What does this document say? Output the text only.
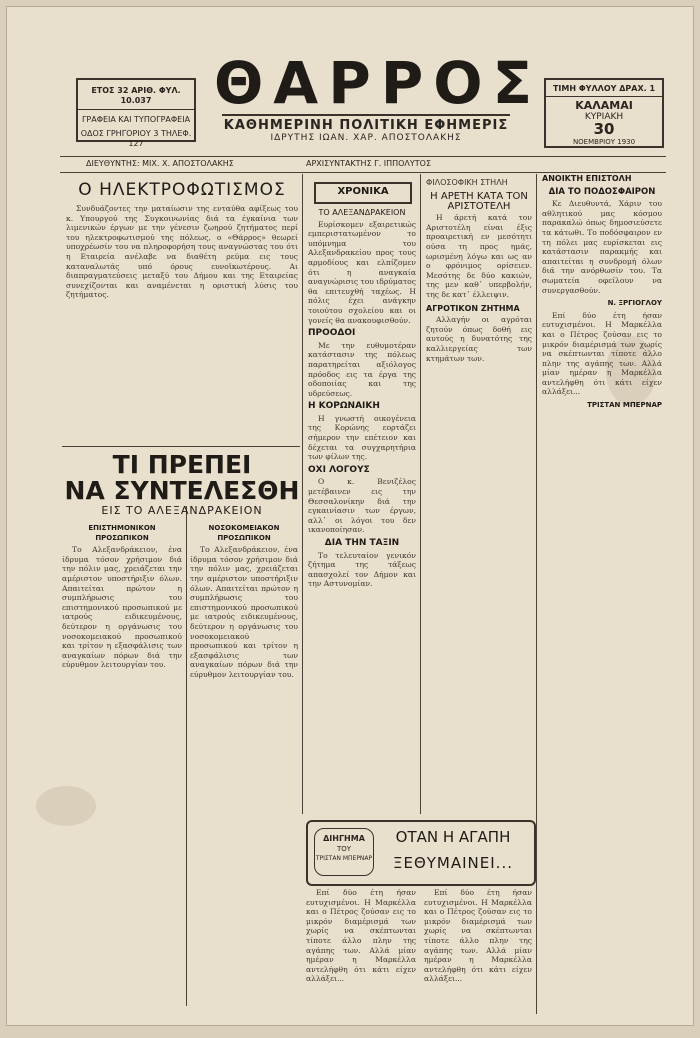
ΕΤΟΣ 32 ΑΡΙΘ. ΦΥΛ. 10.037
ΓΡΑΦΕΙΑ ΚΑΙ ΤΥΠΟΓΡΑΦΕΙΑ
ΟΔΟΣ ΓΡΗΓΟΡΙΟΥ 3 ΤΗΛΕΦ. 127
ΘΑΡΡΟΣ
ΚΑΘΗΜΕΡΙΝΗ ΠΟΛΙΤΙΚΗ ΕΦΗΜΕΡΙΣ
ΙΔΡΥΤΗΣ ΙΩΑΝ. ΧΑΡ. ΑΠΟΣΤΟΛΑΚΗΣ
ΤΙΜΗ ΦΥΛΛΟΥ ΔΡΑΧ. 1
ΚΑΛΑΜΑΙ
ΚΥΡΙΑΚΗ
30
ΝΟΕΜΒΡΙΟΥ 1930
ΔΙΕΥΘΥΝΤΗΣ: ΜΙΧ. Χ. ΑΠΟΣΤΟΛΑΚΗΣ	ΑΡΧΙΣΥΝΤΑΚΤΗΣ Γ. ΙΠΠΟΛΥΤΟΣ
Ο ΗΛΕΚΤΡΟΦΩΤΙΣΜΟΣ

Συνδυάζοντες την ματαίωσιν της ενταύθα αφίξεως του κ. Υπουργού της Συγκοινωνίας διά τα έγκαίνια των λιμενικών έργων με την γένεσιν ζωηρού ζητήματος περί του ηλεκτροφωτισμού της πόλεως, ο «Θάρρος» θεωρεί υποχρέωσίν του να πληροφορήση τους αναγνώστας του ότι η Εταιρεία ανέλαβε να διαθέτη ρεύμα εις τους καταναλωτάς υπό όρους ευνοϊκωτέρους. Αι διαπραγματεύσεις μεταξύ του Δήμου και της Εταιρείας συνεχίζονται και αναμένεται η οριστική λύσις του ζητήματος.

ΤΙ ΠΡΕΠΕΙ
ΝΑ ΣΥΝΤΕΛΕΣΘΗ
ΕΙΣ ΤΟ ΑΛΕΞΑΝΔΡΑΚΕΙΟΝ
ΕΠΙΣΤΗΜΟΝΙΚΟΝ ΠΡΟΣΩΠΙΚΟΝ

Το Αλεξανδράκειον, ένα ίδρυμα τόσον χρήσιμον διά την πόλιν μας, χρειάζεται την αμέριστον υποστήριξιν όλων. Απαιτείται πρώτον η συμπλήρωσις του επιστημονικού προσωπικού με ιατρούς ειδικευμένους, δεύτερον η οργάνωσις του νοσοκομειακού προσωπικού και τρίτον η εξασφάλισις των αναγκαίων πόρων διά την εύρυθμον λειτουργίαν του.

ΝΟΣΟΚΟΜΕΙΑΚΟΝ ΠΡΟΣΩΠΙΚΟΝ

Το Αλεξανδράκειον, ένα ίδρυμα τόσον χρήσιμον διά την πόλιν μας, χρειάζεται την αμέριστον υποστήριξιν όλων. Απαιτείται πρώτον η συμπλήρωσις του επιστημονικού προσωπικού με ιατρούς ειδικευμένους, δεύτερον η οργάνωσις του νοσοκομειακού προσωπικού και τρίτον η εξασφάλισις των αναγκαίων πόρων διά την εύρυθμον λειτουργίαν του.

ΧΡΟΝΙΚΑ
ΤΟ ΑΛΕΞΑΝΔΡΑΚΕΙΟΝ

Ευρίσκομεν εξαιρετικώς εμπεριστατωμένον το υπόμνημα του Αλεξανδρακείου προς τους αρμοδίους και ελπίζομεν ότι η αναγκαία αναγνώρισις του ιδρύματος θα επιτευχθή ταχέως. Η πόλις έχει ανάγκην τοιούτου σχολείου και οι γονείς θα ανακουφισθούν.

ΠΡΟΟΔΟΙ

Με την ευθυμοτέραν κατάστασιν της πόλεως παρατηρείται αξιόλογος πρόοδος εις τα έργα της οδοποιίας και της υδρεύσεως.

Η ΚΟΡΩΝΑΙΚΗ

Η γνωστή οικογένεια της Κορώνης εορτάζει σήμερον την επέτειον και δέχεται τα συγχαρητήρια των φίλων της.

ΟΧΙ ΛΟΓΟΥΣ

Ο κ. Βενιζέλος μετέβαινεν εις την Θεσσαλονίκην διά την εγκαινίασιν των έργων, αλλ᾽ οι λόγοι του δεν ικανοποίησαν.

ΔΙΑ ΤΗΝ ΤΑΞΙΝ

Το τελευταίον γενικόν ζήτημα της τάξεως απασχολεί τον Δήμον και την Αστυνομίαν.

ΦΙΛΟΣΟΦΙΚΗ ΣΤΗΛΗ
Η ΑΡΕΤΗ ΚΑΤΑ ΤΟΝ ΑΡΙΣΤΟΤΕΛΗ

Η άρετή κατά τον Αριστοτέλη είναι έξις προαιρετική εν μεσότητι ούσα τη προς ημάς, ωρισμένη λόγω και ως αν ο φρόνιμος ορίσειεν. Μεσότης δε δύο κακιών, της μεν καθ᾽ υπερβολήν, της δε κατ᾽ έλλειψιν.

ΑΓΡΟΤΙΚΟΝ ΖΗΤΗΜΑ

Αλλαγήν οι αγρόται ζητούν όπως δοθή εις αυτούς η δυνατότης της καλλιεργείας των κτημάτων των.

ΑΝΟΙΚΤΗ ΕΠΙΣΤΟΛΗ
ΔΙΑ ΤΟ ΠΟΔΟΣΦΑΙΡΟΝ

Κε Διευθυντά, Χάριν του αθλητικού μας κόσμου παρακαλώ όπως δημοσιεύσετε τα κάτωθι. Το ποδόσφαιρον εν τη πόλει μας ευρίσκεται εις κατάστασιν παρακμής και απαιτείται η συνδρομή όλων διά την ανόρθωσίν του. Τα σωματεία οφείλουν να συνεργασθούν.

Ν. ΞΡΓΙΟΓΛΟΥ

Επί δύο έτη ήσαν ευτυχισμένοι. Η Μαρκέλλα και ο Πέτρος ζούσαν εις το μικρόν διαμέρισμά των χωρίς να σκέπτωνται τίποτε άλλο πλην της αγάπης των. Αλλά μίαν ημέραν η Μαρκέλλα αντελήφθη ότι κάτι είχεν αλλάξει...

ΤΡΙΣΤΑΝ ΜΠΕΡΝΑΡ
ΔΙΗΓΗΜΑ
ΤΟΥ
ΤΡΙΣΤΑΝ ΜΠΕΡΝΑΡ
ΟΤΑΝ Η ΑΓΑΠΗ
ΞΕΘΥΜΑΙΝΕΙ...

Επί δύο έτη ήσαν ευτυχισμένοι. Η Μαρκέλλα και ο Πέτρος ζούσαν εις το μικρόν διαμέρισμά των χωρίς να σκέπτωνται τίποτε άλλο πλην της αγάπης των. Αλλά μίαν ημέραν η Μαρκέλλα αντελήφθη ότι κάτι είχεν αλλάξει...

Επί δύο έτη ήσαν ευτυχισμένοι. Η Μαρκέλλα και ο Πέτρος ζούσαν εις το μικρόν διαμέρισμά των χωρίς να σκέπτωνται τίποτε άλλο πλην της αγάπης των. Αλλά μίαν ημέραν η Μαρκέλλα αντελήφθη ότι κάτι είχεν αλλάξει...
